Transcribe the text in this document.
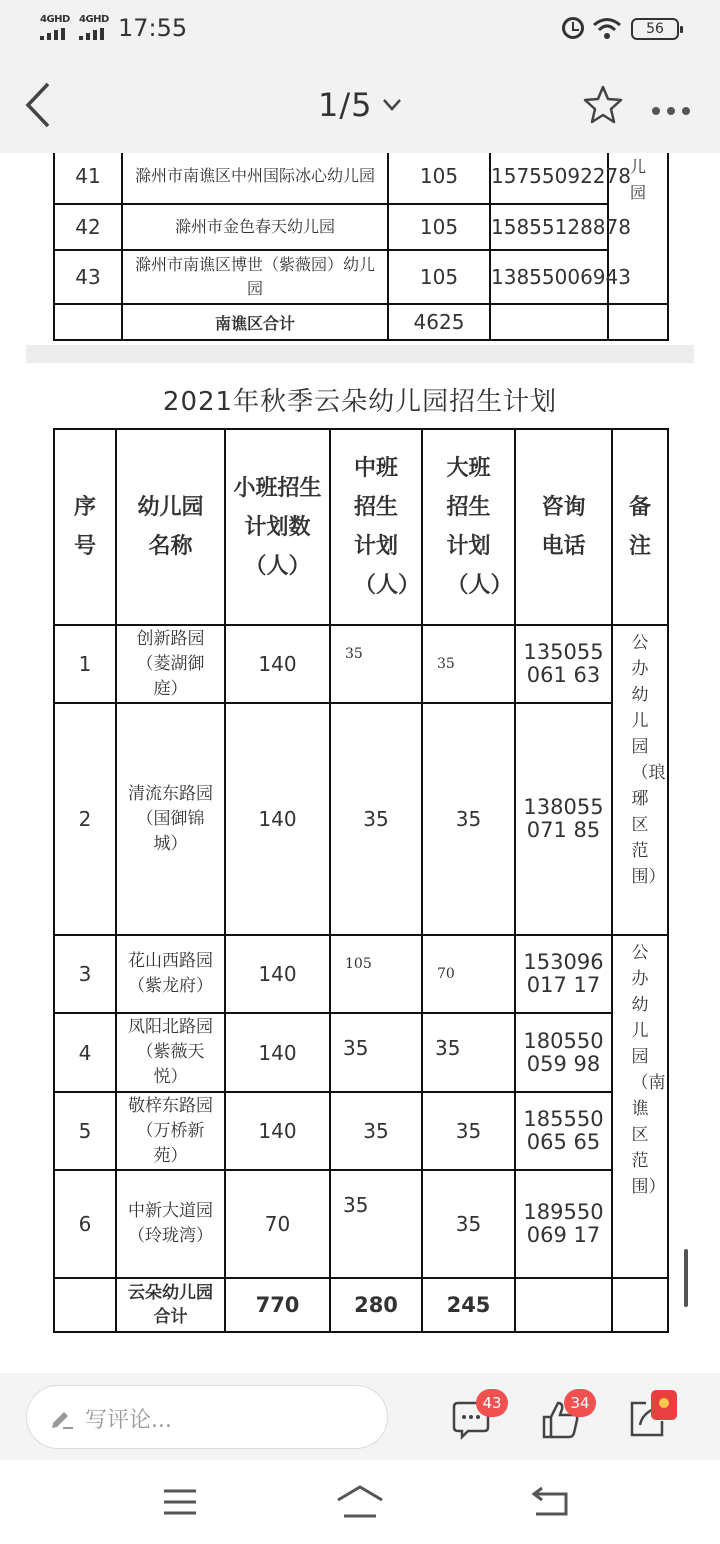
4GHD 4GHD 17:55	56
1/5
41	滁州市南谯区中州国际冰心幼儿园	105	15755092278	儿园
42	滁州市金色春天幼儿园	105	15855128878	
43	滁州市南谯区博世（紫薇园）幼儿园	105	13855006943	
	南谯区合计	4625		
2021年秋季云朵幼儿园招生计划
序号	幼儿园名称	小班招生计划数（人）	中班招生计划（人）	大班招生计划（人）	咨询电话	备注
1	创新路园（菱湖御庭）	140	35	35	135055061 63	公办幼儿园（琅琊区范围）
2	清流东路园（国御锦城）	140	35	35	138055071 85	
3	花山西路园（紫龙府）	140	105	70	153096017 17	公办幼儿园（南谯区范围）
4	凤阳北路园（紫薇天悦）	140	35	35	180550059 98	
5	敬梓东路园（万桥新苑）	140	35	35	185550065 65	
6	中新大道园（玲珑湾）	70	35	35	189550069 17	
	云朵幼儿园合计	770	280	245		
写评论...
43	34
